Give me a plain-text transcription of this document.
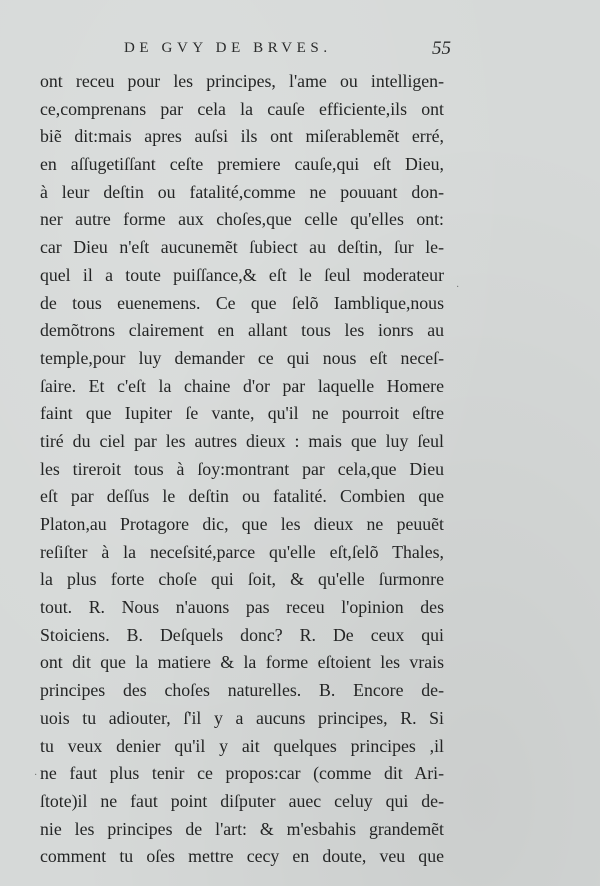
DE GVY DE BRVES.	55
ont receu pour les principes, l'ame ou intelligen-
ce,comprenans par cela la cauſe efficiente,ils ont
biẽ dit:mais apres auſsi ils ont miſerablemẽt erré,
en aſſugetiſſant ceſte premiere cauſe,qui eſt Dieu,
à leur deſtin ou fatalité,comme ne pouuant don-
ner autre forme aux choſes,que celle qu'elles ont:
car Dieu n'eſt aucunemẽt ſubiect au deſtin, ſur le-
quel il a toute puiſſance,& eſt le ſeul moderateur
de tous euenemens. Ce que ſelõ Iamblique,nous
demõtrons clairement en allant tous les ionrs au
temple,pour luy demander ce qui nous eſt neceſ-
ſaire. Et c'eſt la chaine d'or par laquelle Homere
faint que Iupiter ſe vante, qu'il ne pourroit eſtre
tiré du ciel par les autres dieux : mais que luy ſeul
les tireroit tous à ſoy:montrant par cela,que Dieu
eſt par deſſus le deſtin ou fatalité. Combien que
Platon,au Protagore dic, que les dieux ne peuuẽt
reſiſter à la neceſsité,parce qu'elle eſt,ſelõ Thales,
la plus forte choſe qui ſoit, & qu'elle ſurmonre
tout. R. Nous n'auons pas receu l'opinion des
Stoiciens. B. Deſquels donc? R. De ceux qui
ont dit que la matiere & la forme eſtoient les vrais
principes des choſes naturelles. B. Encore de-
uois tu adiouter, ſ'il y a aucuns principes, R. Si
tu veux denier qu'il y ait quelques principes ,il
ne faut plus tenir ce propos:car (comme dit Ari-
ſtote)il ne faut point diſputer auec celuy qui de-
nie les principes de l'art: & m'esbahis grandemẽt
comment tu oſes mettre cecy en doute, veu que
·
·
